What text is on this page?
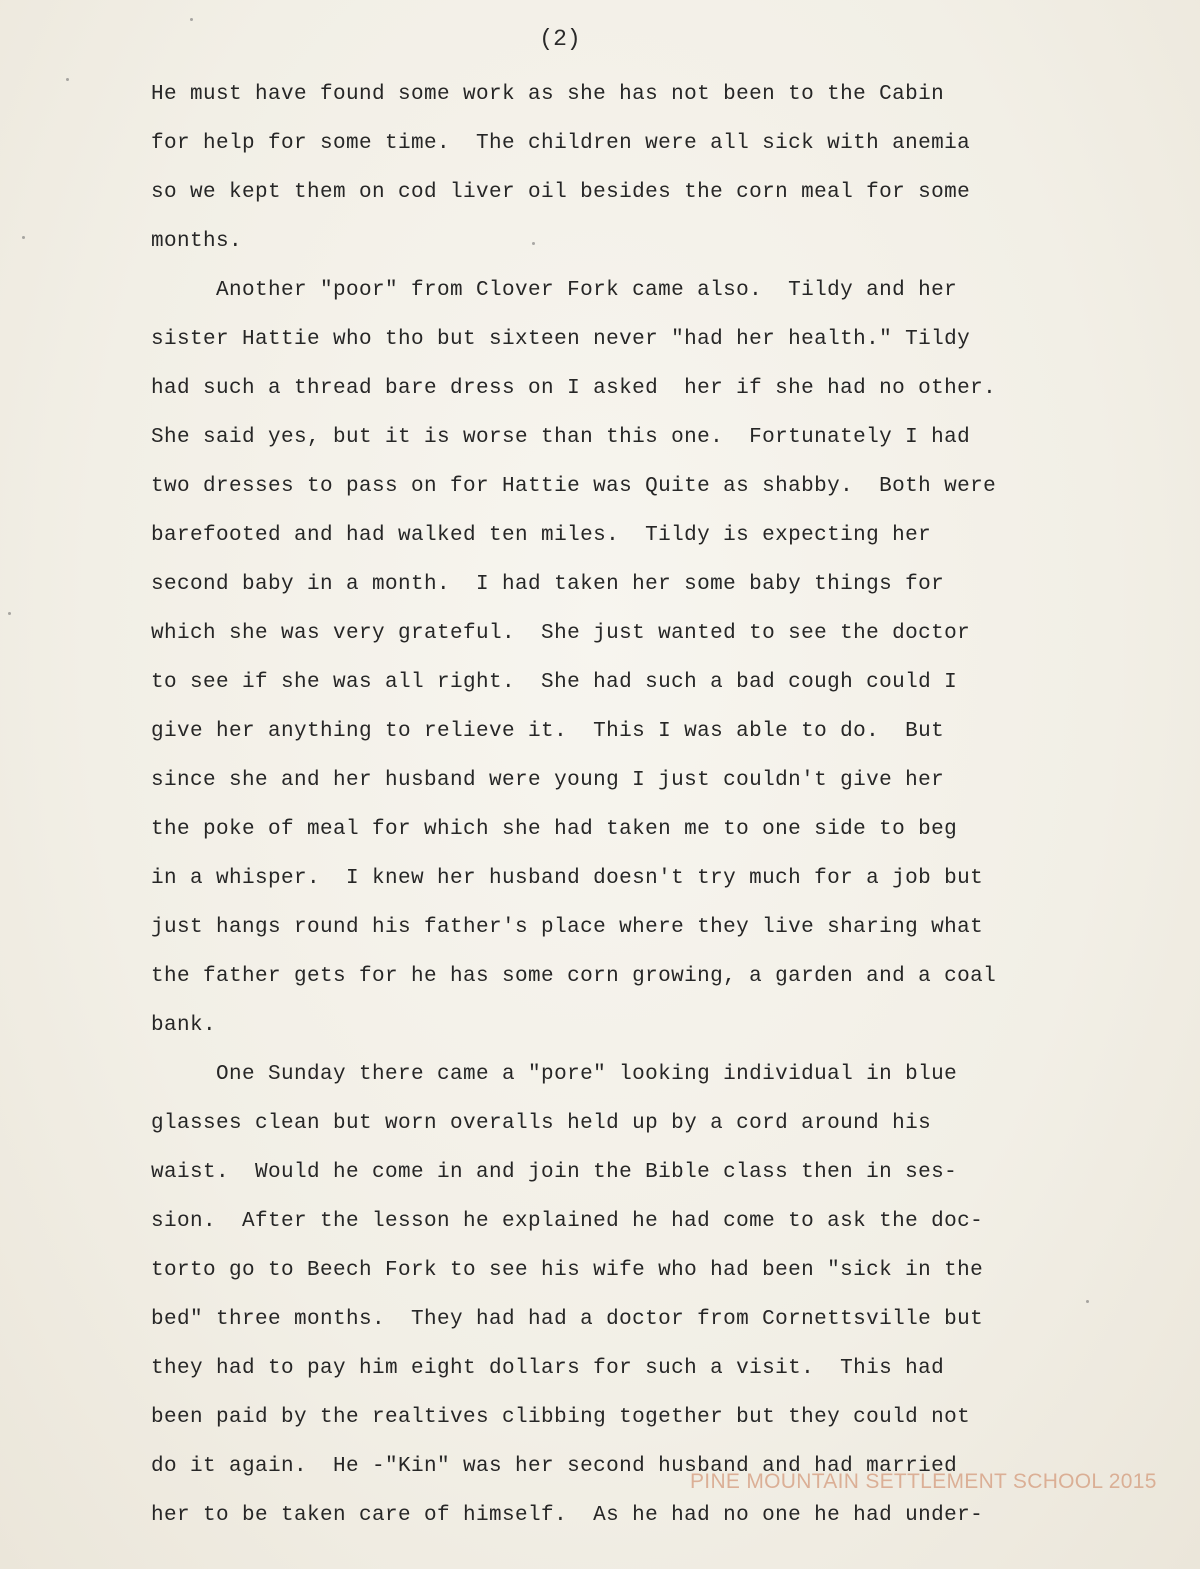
(2)
He must have found some work as she has not been to the Cabin
for help for some time.  The children were all sick with anemia
so we kept them on cod liver oil besides the corn meal for some
months.
Another "poor" from Clover Fork came also.  Tildy and her
sister Hattie who tho but sixteen never "had her health." Tildy
had such a thread bare dress on I asked  her if she had no other.
She said yes, but it is worse than this one.  Fortunately I had
two dresses to pass on for Hattie was Quite as shabby.  Both were
barefooted and had walked ten miles.  Tildy is expecting her
second baby in a month.  I had taken her some baby things for
which she was very grateful.  She just wanted to see the doctor
to see if she was all right.  She had such a bad cough could I
give her anything to relieve it.  This I was able to do.  But
since she and her husband were young I just couldn't give her
the poke of meal for which she had taken me to one side to beg
in a whisper.  I knew her husband doesn't try much for a job but
just hangs round his father's place where they live sharing what
the father gets for he has some corn growing, a garden and a coal
bank.
One Sunday there came a "pore" looking individual in blue
glasses clean but worn overalls held up by a cord around his
waist.  Would he come in and join the Bible class then in ses-
sion.  After the lesson he explained he had come to ask the doc-
torto go to Beech Fork to see his wife who had been "sick in the
bed" three months.  They had had a doctor from Cornettsville but
they had to pay him eight dollars for such a visit.  This had
been paid by the realtives clibbing together but they could not
do it again.  He -"Kin" was her second husband and had married
her to be taken care of himself.  As he had no one he had under-
PINE MOUNTAIN SETTLEMENT SCHOOL 2015
